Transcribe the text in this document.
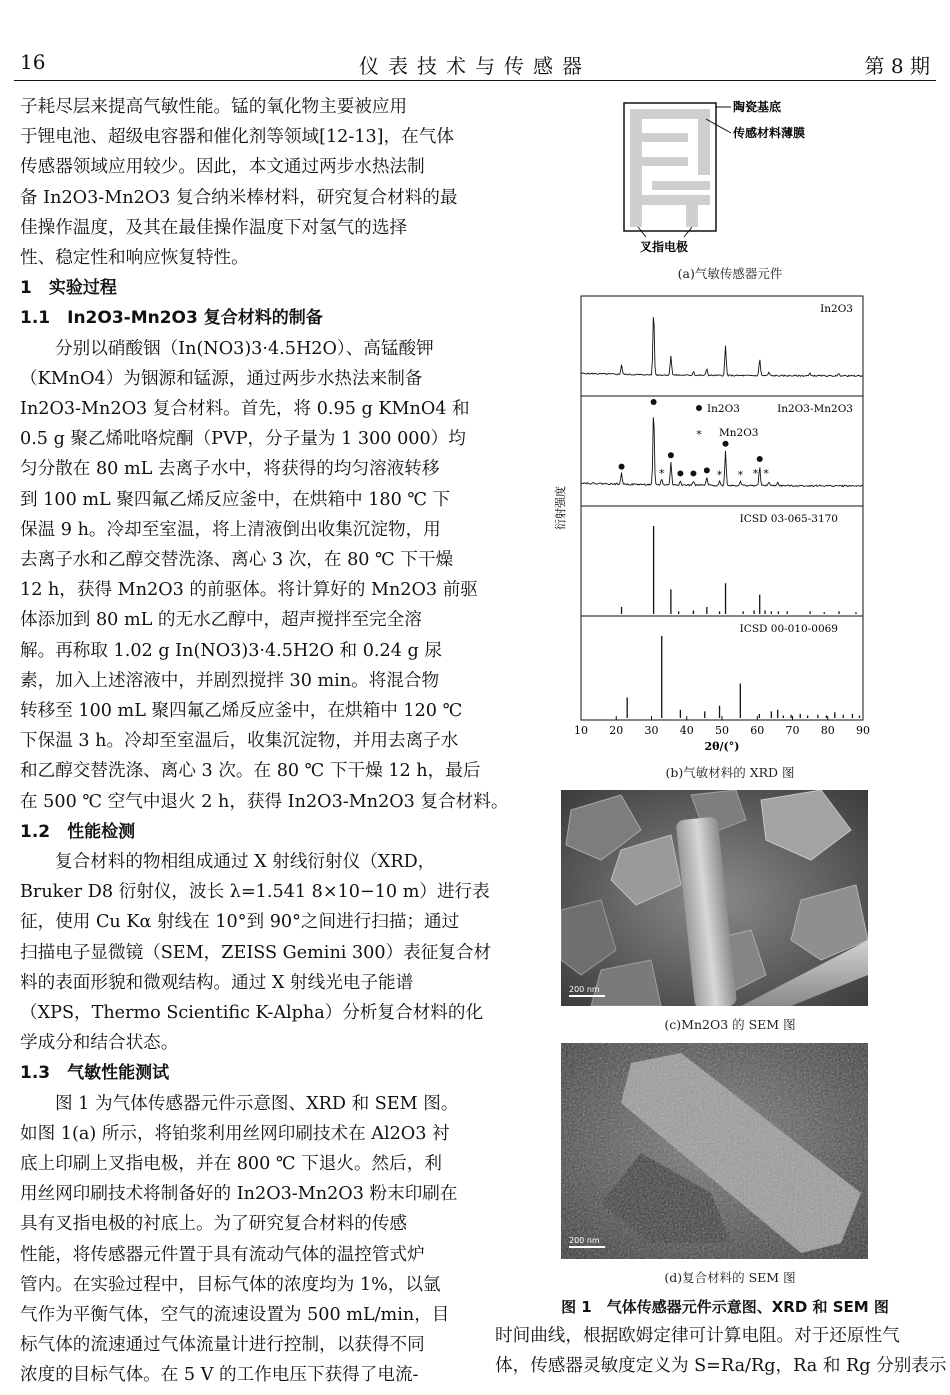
16	仪表技术与传感器	第 8 期
子耗尽层来提高气敏性能。锰的氧化物主要被应用
于锂电池、超级电容器和催化剂等领域[12-13]，在气体
传感器领域应用较少。因此，本文通过两步水热法制
备 In2O3-Mn2O3 复合纳米棒材料，研究复合材料的最
佳操作温度，及其在最佳操作温度下对氢气的选择
性、稳定性和响应恢复特性。
1　实验过程
1.1　In2O3-Mn2O3 复合材料的制备
分别以硝酸铟（In(NO3)3·4.5H2O）、高锰酸钾
（KMnO4）为铟源和锰源，通过两步水热法来制备
In2O3-Mn2O3 复合材料。首先，将 0.95 g KMnO4 和
0.5 g 聚乙烯吡咯烷酮（PVP，分子量为 1 300 000）均
匀分散在 80 mL 去离子水中，将获得的均匀溶液转移
到 100 mL 聚四氟乙烯反应釜中，在烘箱中 180 ℃ 下
保温 9 h。冷却至室温，将上清液倒出收集沉淀物，用
去离子水和乙醇交替洗涤、离心 3 次，在 80 ℃ 下干燥
12 h，获得 Mn2O3 的前驱体。将计算好的 Mn2O3 前驱
体添加到 80 mL 的无水乙醇中，超声搅拌至完全溶
解。再称取 1.02 g In(NO3)3·4.5H2O 和 0.24 g 尿
素，加入上述溶液中，并剧烈搅拌 30 min。将混合物
转移至 100 mL 聚四氟乙烯反应釜中，在烘箱中 120 ℃
下保温 3 h。冷却至室温后，收集沉淀物，并用去离子水
和乙醇交替洗涤、离心 3 次。在 80 ℃ 下干燥 12 h，最后
在 500 ℃ 空气中退火 2 h，获得 In2O3-Mn2O3 复合材料。
1.2　性能检测
复合材料的物相组成通过 X 射线衍射仪（XRD，
Bruker D8 衍射仪，波长 λ=1.541 8×10−10 m）进行表
征，使用 Cu Kα 射线在 10°到 90°之间进行扫描；通过
扫描电子显微镜（SEM，ZEISS Gemini 300）表征复合材
料的表面形貌和微观结构。通过 X 射线光电子能谱
（XPS，Thermo Scientific K-Alpha）分析复合材料的化
学成分和结合状态。
1.3　气敏性能测试
图 1 为气体传感器元件示意图、XRD 和 SEM 图。
如图 1(a) 所示，将铂浆利用丝网印刷技术在 Al2O3 衬
底上印刷上叉指电极，并在 800 ℃ 下退火。然后，利
用丝网印刷技术将制备好的 In2O3-Mn2O3 粉末印刷在
具有叉指电极的衬底上。为了研究复合材料的传感
性能，将传感器元件置于具有流动气体的温控管式炉
管内。在实验过程中，目标气体的浓度均为 1%，以氩
气作为平衡气体，空气的流速设置为 500 mL/min，目
标气体的流速通过气体流量计进行控制，以获得不同
浓度的目标气体。在 5 V 的工作电压下获得了电流-
陶瓷基底
传感材料薄膜
叉指电极
(a)气敏传感器元件
10 20 30 40 50 60 70 80 90
2θ/(°)
衍射强度
In2O3
In2O3-Mn2O3
*	* * * *
In2O3
* Mn2O3
ICSD 03-065-3170
ICSD 00-010-0069
(b)气敏材料的 XRD 图
200 nm
(c)Mn2O3 的 SEM 图
200 nm
(d)复合材料的 SEM 图
图 1　气体传感器元件示意图、XRD 和 SEM 图
时间曲线，根据欧姆定律可计算电阻。对于还原性气
体，传感器灵敏度定义为 S=Ra/Rg，Ra 和 Rg 分别表示
